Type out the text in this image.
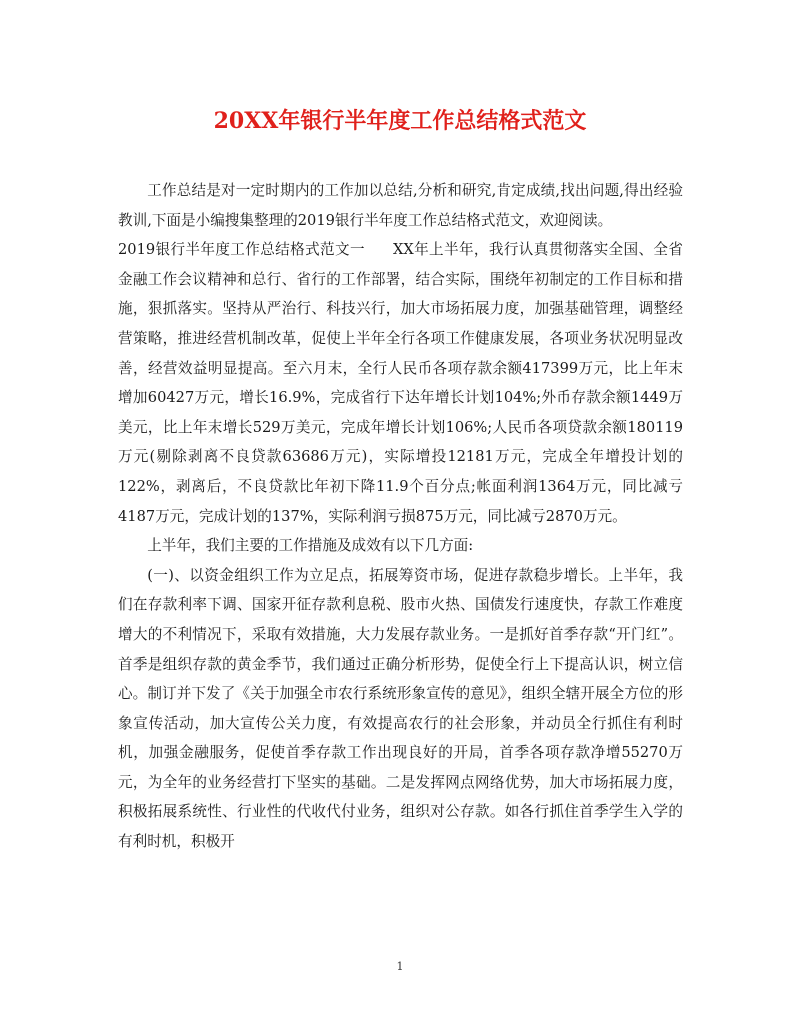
20XX年银行半年度工作总结格式范文

工作总结是对一定时期内的工作加以总结,分析和研究,肯定成绩,找出问题,得出经验教训,下面是小编搜集整理的2019银行半年度工作总结格式范文，欢迎阅读。

2019银行半年度工作总结格式范文一 XX年上半年，我行认真贯彻落实全国、全省金融工作会议精神和总行、省行的工作部署，结合实际，围绕年初制定的工作目标和措施，狠抓落实。坚持从严治行、科技兴行，加大市场拓展力度，加强基础管理，调整经营策略，推进经营机制改革，促使上半年全行各项工作健康发展，各项业务状况明显改善，经营效益明显提高。至六月末，全行人民币各项存款余额417399万元，比上年末增加60427万元，增长16.9%，完成省行下达年增长计划104%;外币存款余额1449万美元，比上年末增长529万美元，完成年增长计划106%;人民币各项贷款余额180119万元(剔除剥离不良贷款63686万元)，实际增投12181万元，完成全年增投计划的122%，剥离后，不良贷款比年初下降11.9个百分点;帐面利润1364万元，同比减亏4187万元，完成计划的137%，实际利润亏损875万元，同比减亏2870万元。

上半年，我们主要的工作措施及成效有以下几方面:

(一)、以资金组织工作为立足点，拓展筹资市场，促进存款稳步增长。上半年，我们在存款利率下调、国家开征存款利息税、股市火热、国债发行速度快，存款工作难度增大的不利情况下，采取有效措施，大力发展存款业务。一是抓好首季存款“开门红”。首季是组织存款的黄金季节，我们通过正确分析形势，促使全行上下提高认识，树立信心。制订并下发了《关于加强全市农行系统形象宣传的意见》，组织全辖开展全方位的形象宣传活动，加大宣传公关力度，有效提高农行的社会形象，并动员全行抓住有利时机，加强金融服务，促使首季存款工作出现良好的开局，首季各项存款净增55270万元，为全年的业务经营打下坚实的基础。二是发挥网点网络优势，加大市场拓展力度，积极拓展系统性、行业性的代收代付业务，组织对公存款。如各行抓住首季学生入学的有利时机，积极开

1
